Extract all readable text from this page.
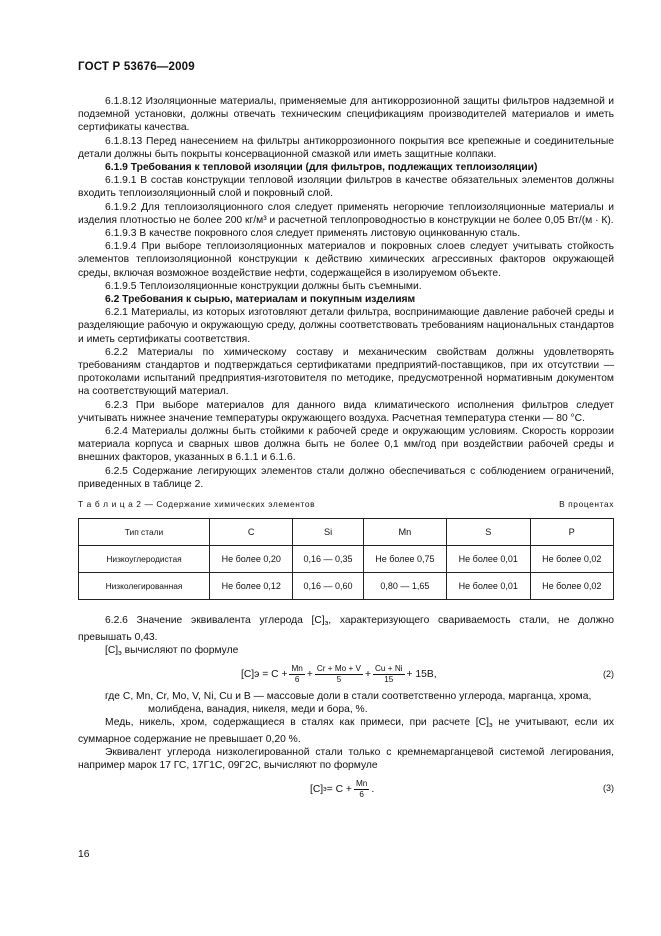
ГОСТ Р 53676—2009

6.1.8.12 Изоляционные материалы, применяемые для антикоррозионной защиты фильтров надземной и подземной установки, должны отвечать техническим спецификациям производителей материалов и иметь сертификаты качества.

6.1.8.13 Перед нанесением на фильтры антикоррозионного покрытия все крепежные и соединительные детали должны быть покрыты консервационной смазкой или иметь защитные колпаки.

6.1.9 Требования к тепловой изоляции (для фильтров, подлежащих теплоизоляции)

6.1.9.1 В состав конструкции тепловой изоляции фильтров в качестве обязательных элементов должны входить теплоизоляционный слой и покровный слой.

6.1.9.2 Для теплоизоляционного слоя следует применять негорючие теплоизоляционные материалы и изделия плотностью не более 200 кг/м³ и расчетной теплопроводностью в конструкции не более 0,05 Вт/(м · К).

6.1.9.3 В качестве покровного слоя следует применять листовую оцинкованную сталь.

6.1.9.4 При выборе теплоизоляционных материалов и покровных слоев следует учитывать стойкость элементов теплоизоляционной конструкции к действию химических агрессивных факторов окружающей среды, включая возможное воздействие нефти, содержащейся в изолируемом объекте.

6.1.9.5 Теплоизоляционные конструкции должны быть съемными.

6.2 Требования к сырью, материалам и покупным изделиям

6.2.1 Материалы, из которых изготовляют детали фильтра, воспринимающие давление рабочей среды и разделяющие рабочую и окружающую среду, должны соответствовать требованиям национальных стандартов и иметь сертификаты соответствия.

6.2.2 Материалы по химическому составу и механическим свойствам должны удовлетворять требованиям стандартов и подтверждаться сертификатами предприятий-поставщиков, при их отсутствии — протоколами испытаний предприятия-изготовителя по методике, предусмотренной нормативным документом на соответствующий материал.

6.2.3 При выборе материалов для данного вида климатического исполнения фильтров следует учитывать нижнее значение температуры окружающего воздуха. Расчетная температура стенки — 80 °С.

6.2.4 Материалы должны быть стойкими к рабочей среде и окружающим условиям. Скорость коррозии материала корпуса и сварных швов должна быть не более 0,1 мм/год при воздействии рабочей среды и внешних факторов, указанных в 6.1.1 и 6.1.6.

6.2.5 Содержание легирующих элементов стали должно обеспечиваться с соблюдением ограничений, приведенных в таблице 2.

Т а б л и ц а 2 — Содержание химических элементов	В процентах
Тип стали	C	Si	Mn	S	P
Низкоуглеродистая	Не более 0,20	0,16 — 0,35	Не более 0,75	Не более 0,01	Не более 0,02
Низколегированная	Не более 0,12	0,16 — 0,60	0,80 — 1,65	Не более 0,01	Не более 0,02

6.2.6 Значение эквивалента углерода $[С]_э$, характеризующего свариваемость стали, не должно превышать 0,43.

$[С]_э$ вычисляют по формуле

$[C]э = C + \frac{Mn}{6} + \frac{Cr + Mo + V}{5} + \frac{Cu + Ni}{15} + 15B$,	(2)

где С, Mn, Cr, Mo, V, Ni, Cu и В — массовые доли в стали соответственно углерода, марганца, хрома,

молибдена, ванадия, никеля, меди и бора, %.

Медь, никель, хром, содержащиеся в сталях как примеси, при расчете $[С]_э$ не учитывают, если их суммарное содержание не превышает 0,20 %.

Эквивалент углерода низколегированной стали только с кремнемарганцевой системой легирования, например марок 17 ГС, 17Г1С, 09Г2С, вычисляют по формуле

[С] $э = С + \frac{Mn}{6}$ .	(3)
16
